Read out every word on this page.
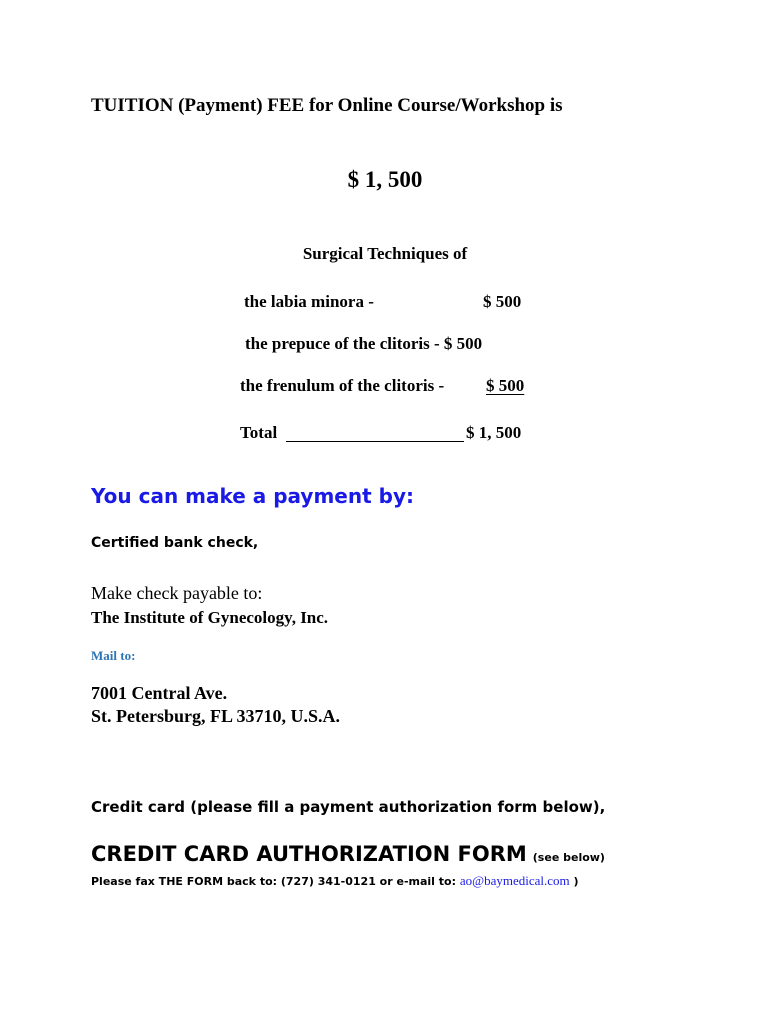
TUITION (Payment) FEE for Online Course/Workshop is
$ 1, 500
Surgical Techniques of
the labia minora -	$ 500
the prepuce of the clitoris - $ 500
the frenulum of the clitoris - $ 500
Total	$ 1, 500
You can make a payment by:
Certified bank check,
Make check payable to:
The Institute of Gynecology, Inc.
Mail to:
7001 Central Ave.
St. Petersburg, FL 33710, U.S.A.
Credit card (please fill a payment authorization form below),
CREDIT CARD AUTHORIZATION FORM (see below)
Please fax THE FORM back to: (727) 341-0121 or e-mail to: ao@baymedical.com )
